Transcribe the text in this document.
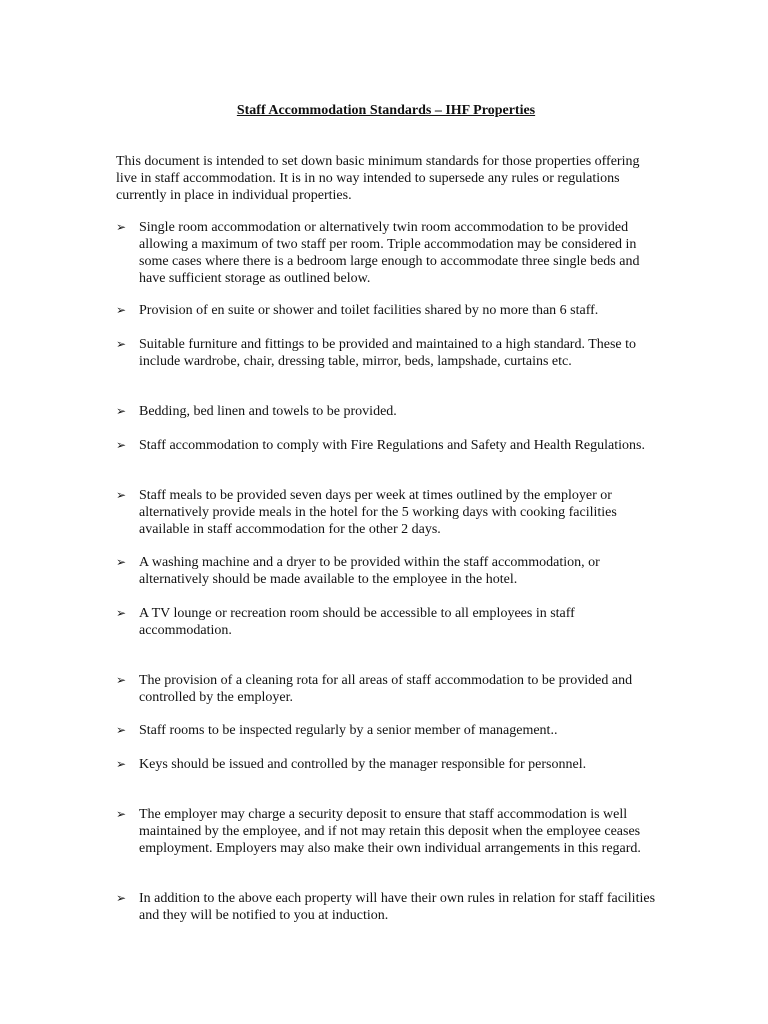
Staff Accommodation Standards – IHF Properties

This document is intended to set down basic minimum standards for those properties offering live in staff accommodation. It is in no way intended to supersede any rules or regulations currently in place in individual properties.

➢ Single room accommodation or alternatively twin room accommodation to be provided allowing a maximum of two staff per room. Triple accommodation may be considered in some cases where there is a bedroom large enough to accommodate three single beds and have sufficient storage as outlined below.
➢ Provision of en suite or shower and toilet facilities shared by no more than 6 staff.
➢ Suitable furniture and fittings to be provided and maintained to a high standard. These to include wardrobe, chair, dressing table, mirror, beds, lampshade, curtains etc.
➢ Bedding, bed linen and towels to be provided.
➢ Staff accommodation to comply with Fire Regulations and Safety and Health Regulations.
➢ Staff meals to be provided seven days per week at times outlined by the employer or alternatively provide meals in the hotel for the 5 working days with cooking facilities available in staff accommodation for the other 2 days.
➢ A washing machine and a dryer to be provided within the staff accommodation, or alternatively should be made available to the employee in the hotel.
➢ A TV lounge or recreation room should be accessible to all employees in staff accommodation.
➢ The provision of a cleaning rota for all areas of staff accommodation to be provided and controlled by the employer.
➢ Staff rooms to be inspected regularly by a senior member of management..
➢ Keys should be issued and controlled by the manager responsible for personnel.
➢ The employer may charge a security deposit to ensure that staff accommodation is well maintained by the employee, and if not may retain this deposit when the employee ceases employment. Employers may also make their own individual arrangements in this regard.
➢ In addition to the above each property will have their own rules in relation for staff facilities and they will be notified to you at induction.
